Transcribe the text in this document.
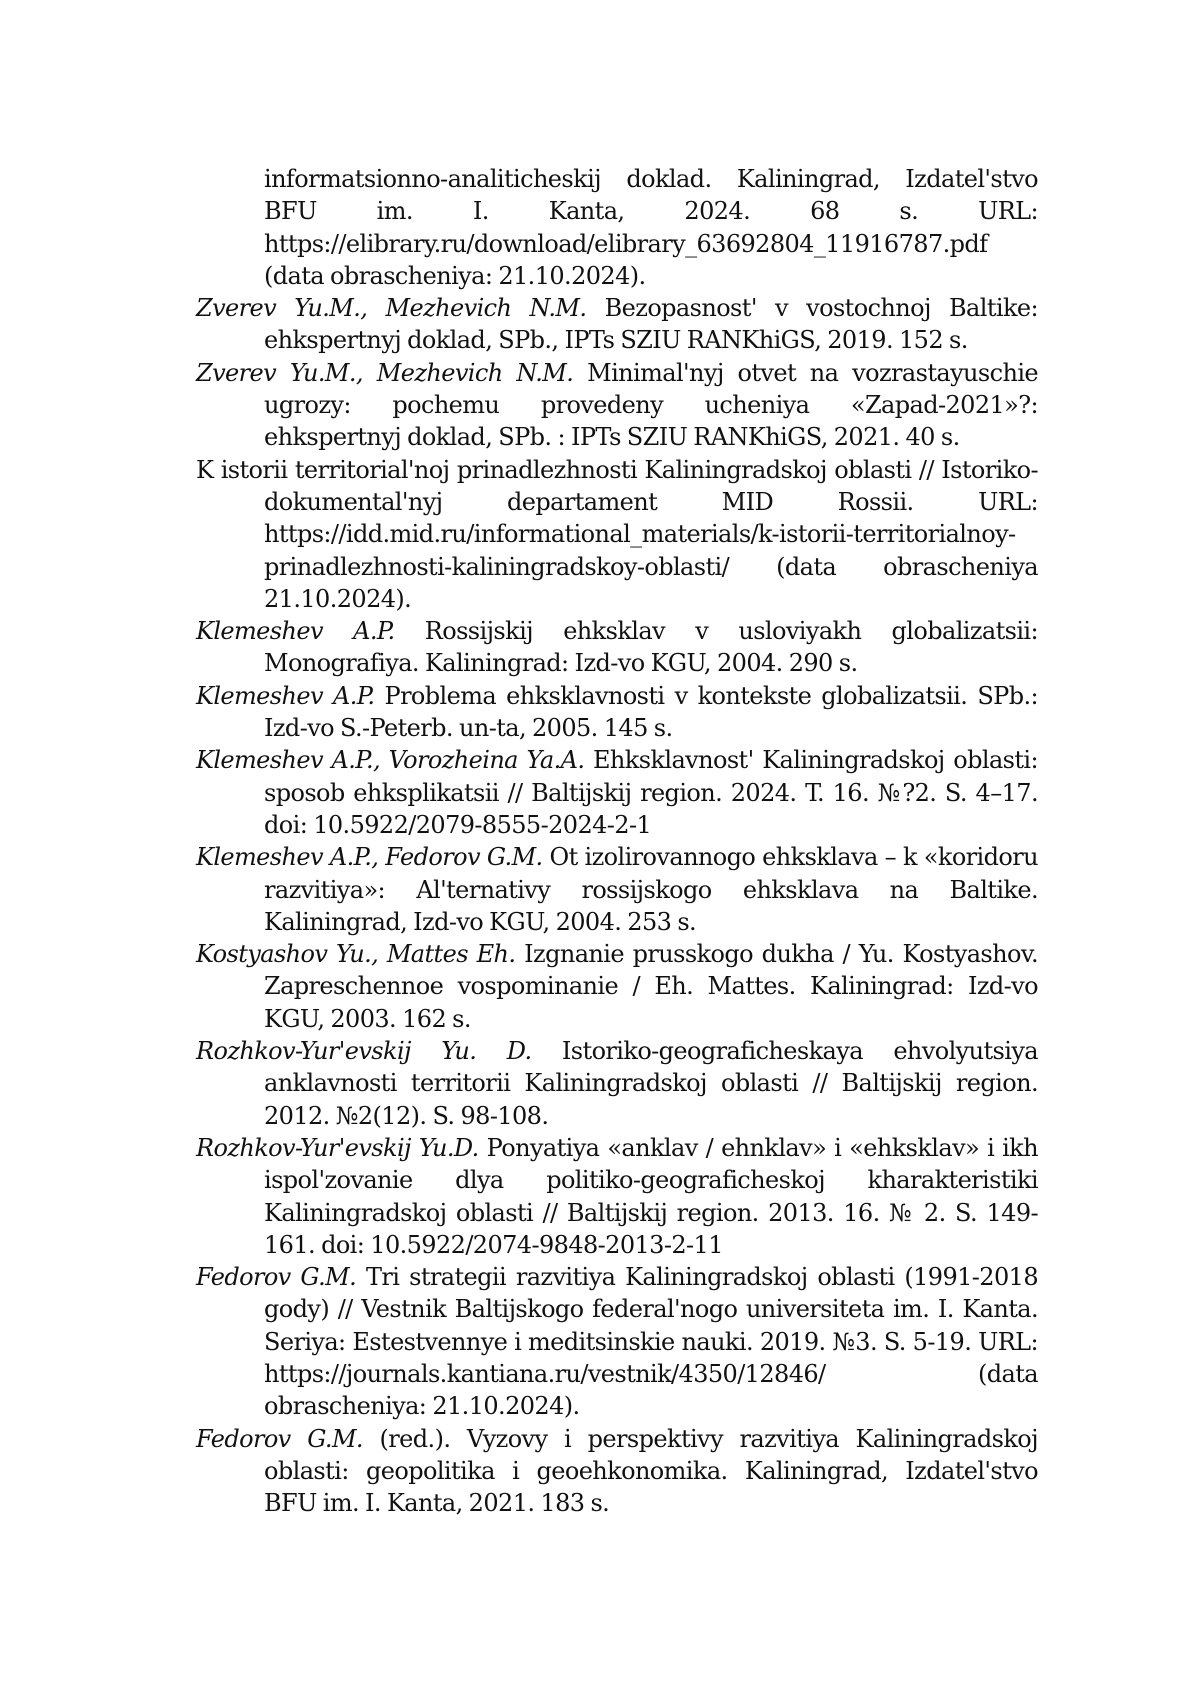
informatsionno-analiticheskij doklad. Kaliningrad, Izdatel'stvo BFU im. I. Kanta, 2024. 68 s. URL: https://elibrary.ru/download/elibrary_63692804_11916787.pdf (data obrascheniya: 21.10.2024).

Zverev Yu.M., Mezhevich N.M. Bezopasnost' v vostochnoj Baltike: ehkspertnyj doklad, SPb., IPTs SZIU RANKhiGS, 2019. 152 s.

Zverev Yu.M., Mezhevich N.M. Minimal'nyj otvet na vozrastayuschie ugrozy: pochemu provedeny ucheniya «Zapad-2021»?: ehkspertnyj doklad, SPb. : IPTs SZIU RANKhiGS, 2021. 40 s.

K istorii territorial'noj prinadlezhnosti Kaliningradskoj oblasti // Istoriko-dokumental'nyj departament MID Rossii. URL: https://idd.mid.ru/informational_materials/k-istorii-territorialnoy-prinadlezhnosti-kaliningradskoy-oblasti/ (data obrascheniya 21.10.2024).

Klemeshev A.P. Rossijskij ehksklav v usloviyakh globalizatsii: Monografiya. Kaliningrad: Izd-vo KGU, 2004. 290 s.

Klemeshev A.P. Problema ehksklavnosti v kontekste globalizatsii. SPb.: Izd-vo S.-Peterb. un-ta, 2005. 145 s.

Klemeshev A.P., Vorozheina Ya.A. Ehksklavnost' Kaliningradskoj oblasti: sposob ehksplikatsii // Baltijskij region. 2024. T. 16. №?2. S. 4–17. doi: 10.5922/2079-8555-2024-2-1

Klemeshev A.P., Fedorov G.M. Ot izolirovannogo ehksklava – k «koridoru razvitiya»: Al'ternativy rossijskogo ehksklava na Baltike. Kaliningrad, Izd-vo KGU, 2004. 253 s.

Kostyashov Yu., Mattes Eh. Izgnanie prusskogo dukha / Yu. Kostyashov. Zapreschennoe vospominanie / Eh. Mattes. Kaliningrad: Izd-vo KGU, 2003. 162 s.

Rozhkov-Yur'evskij Yu. D. Istoriko-geograficheskaya ehvolyutsiya anklavnosti territorii Kaliningradskoj oblasti // Baltijskij region. 2012. №2(12). S. 98-108.

Rozhkov-Yur'evskij Yu.D. Ponyatiya «anklav / ehnklav» i «ehksklav» i ikh ispol'zovanie dlya politiko-geograficheskoj kharakteristiki Kaliningradskoj oblasti // Baltijskij region. 2013. 16. № 2. S. 149-161. doi: 10.5922/2074-9848-2013-2-11

Fedorov G.M. Tri strategii razvitiya Kaliningradskoj oblasti (1991-2018 gody) // Vestnik Baltijskogo federal'nogo universiteta im. I. Kanta. Seriya: Estestvennye i meditsinskie nauki. 2019. №3. S. 5-19. URL: https://journals.kantiana.ru/vestnik/4350/12846/ (data obrascheniya: 21.10.2024).

Fedorov G.M. (red.). Vyzovy i perspektivy razvitiya Kaliningradskoj oblasti: geopolitika i geoehkonomika. Kaliningrad, Izdatel'stvo BFU im. I. Kanta, 2021. 183 s.
